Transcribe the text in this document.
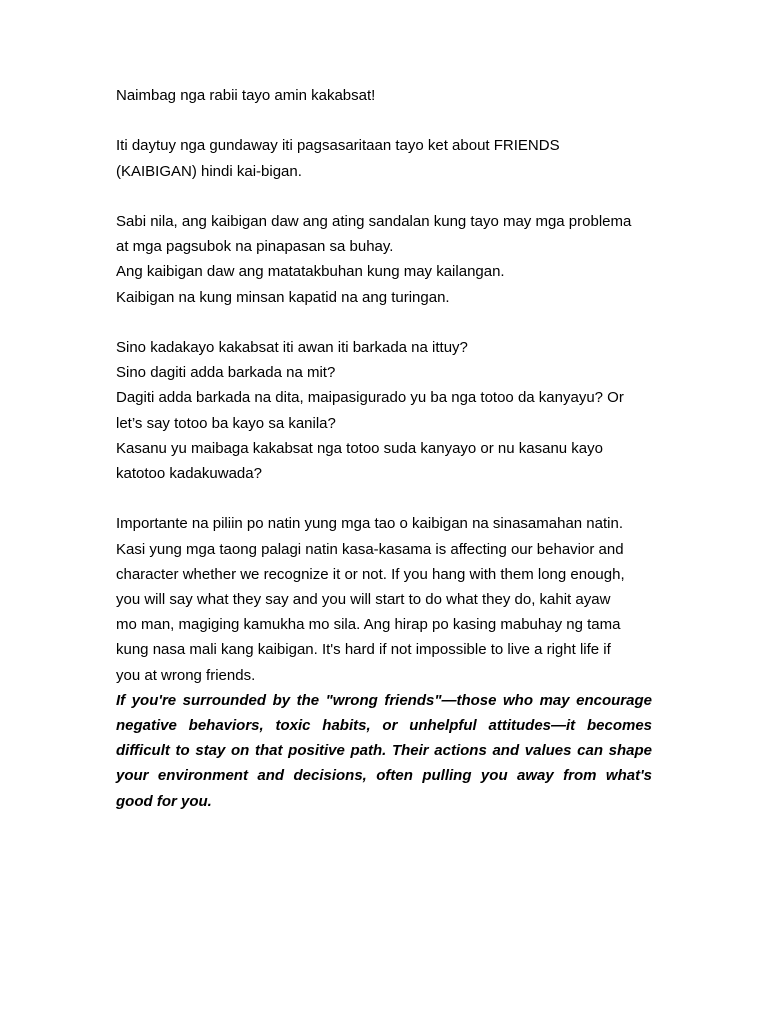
Naimbag nga rabii tayo amin kakabsat!

Iti daytuy nga gundaway iti pagsasaritaan tayo ket about FRIENDS
(KAIBIGAN) hindi kai-bigan.

Sabi nila, ang kaibigan daw ang ating sandalan kung tayo may mga problema
at mga pagsubok na pinapasan sa buhay.
Ang kaibigan daw ang matatakbuhan kung may kailangan.
Kaibigan na kung minsan kapatid na ang turingan.

Sino kadakayo kakabsat iti awan iti barkada na ittuy?
Sino dagiti adda barkada na mit?
Dagiti adda barkada na dita, maipasigurado yu ba nga totoo da kanyayu? Or
let’s say totoo ba kayo sa kanila?
Kasanu yu maibaga kakabsat nga totoo suda kanyayo or nu kasanu kayo
katotoo kadakuwada?

Importante na piliin po natin yung mga tao o kaibigan na sinasamahan natin.
Kasi yung mga taong palagi natin kasa-kasama is affecting our behavior and
character whether we recognize it or not. If you hang with them long enough,
you will say what they say and you will start to do what they do, kahit ayaw
mo man, magiging kamukha mo sila. Ang hirap po kasing mabuhay ng tama
kung nasa mali kang kaibigan. It's hard if not impossible to live a right life if
you at wrong friends.

If you're surrounded by the "wrong friends"—those who may encourage
negative behaviors, toxic habits, or unhelpful attitudes—it becomes
difficult to stay on that positive path. Their actions and values can shape
your environment and decisions, often pulling you away from what's
good for you.
